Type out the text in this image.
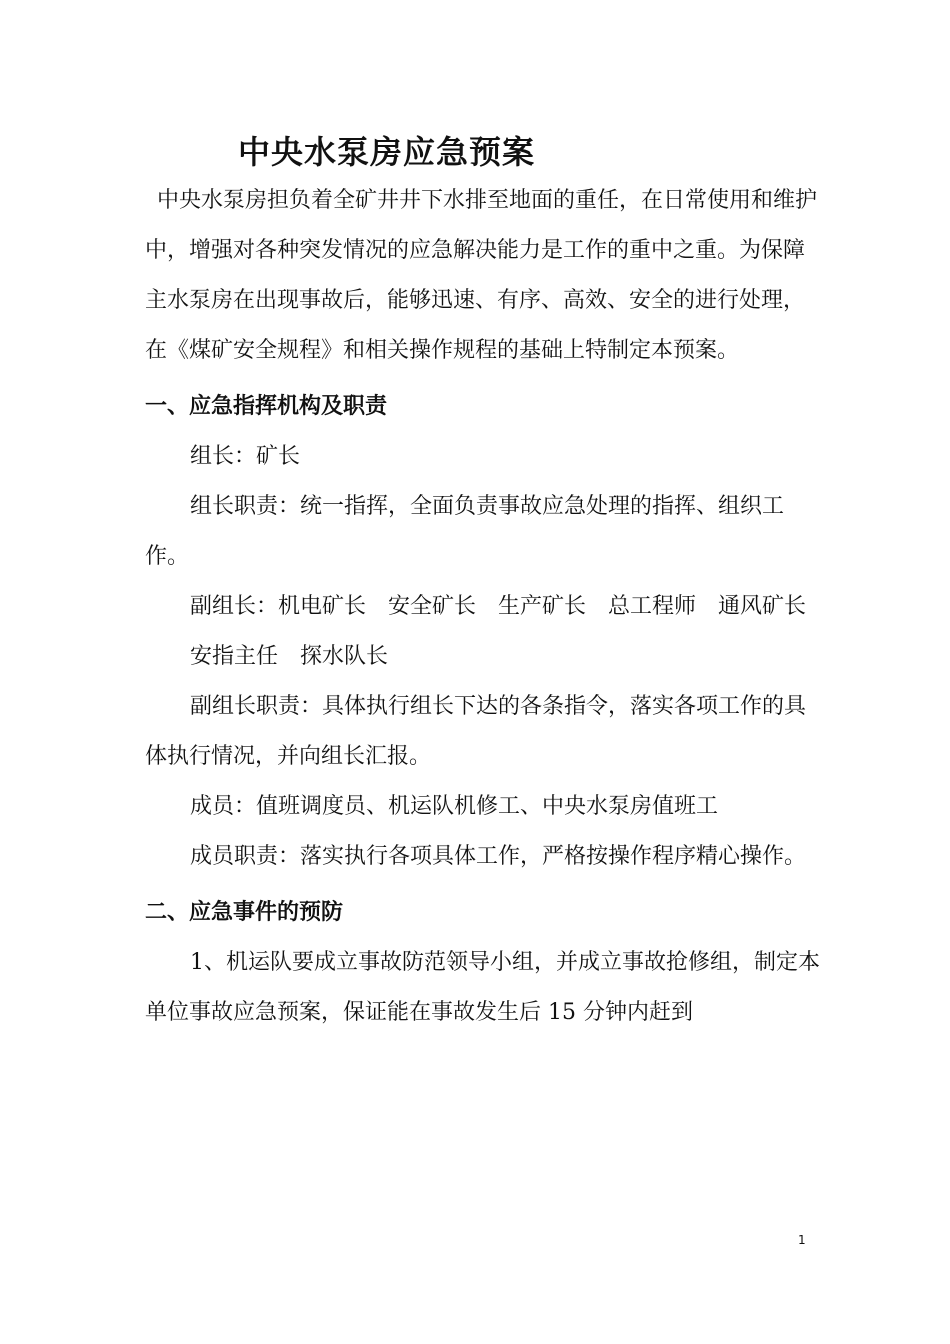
中央水泵房应急预案

中央水泵房担负着全矿井井下水排至地面的重任，在日常使用和维护中，增强对各种突发情况的应急解决能力是工作的重中之重。为保障主水泵房在出现事故后，能够迅速、有序、高效、安全的进行处理，在《煤矿安全规程》和相关操作规程的基础上特制定本预案。

一、应急指挥机构及职责

组长：矿长

组长职责：统一指挥，全面负责事故应急处理的指挥、组织工作。

副组长：机电矿长　安全矿长　生产矿长　总工程师　通风矿长

安指主任　探水队长

副组长职责：具体执行组长下达的各条指令，落实各项工作的具体执行情况，并向组长汇报。

成员：值班调度员、机运队机修工、中央水泵房值班工

成员职责：落实执行各项具体工作，严格按操作程序精心操作。

二、应急事件的预防

1、机运队要成立事故防范领导小组，并成立事故抢修组，制定本单位事故应急预案，保证能在事故发生后 15 分钟内赶到

1
